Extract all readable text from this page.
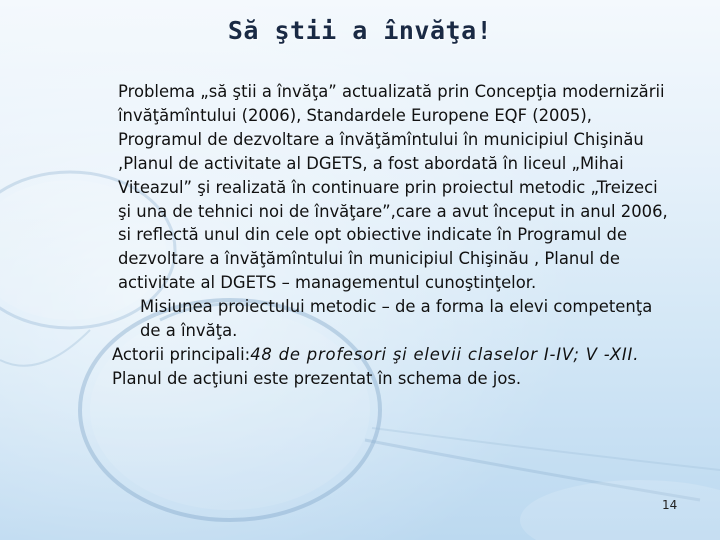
Să ştii a învăţa!

Problema „să ştii a învăţa” actualizată prin Concepţia modernizării învăţămîntului (2006), Standardele Europene EQF (2005), Programul de dezvoltare a învăţămîntului în municipiul Chişinău ,Planul de activitate al DGETS, a fost abordată în liceul „Mihai Viteazul” şi realizată în continuare prin proiectul metodic „Treizeci şi una de tehnici noi de învăţare”,care a avut început in anul 2006, si reflectă unul din cele opt obiective indicate în Programul de dezvoltare a învăţămîntului în municipiul Chişinău , Planul de activitate al DGETS – managementul cunoştinţelor.

Misiunea proiectului metodic – de a forma la elevi competenţa de a învăţa.

Actorii principali:48 de profesori şi elevii claselor I-IV; V -XII.

Planul de acţiuni este prezentat în schema de jos.

14
